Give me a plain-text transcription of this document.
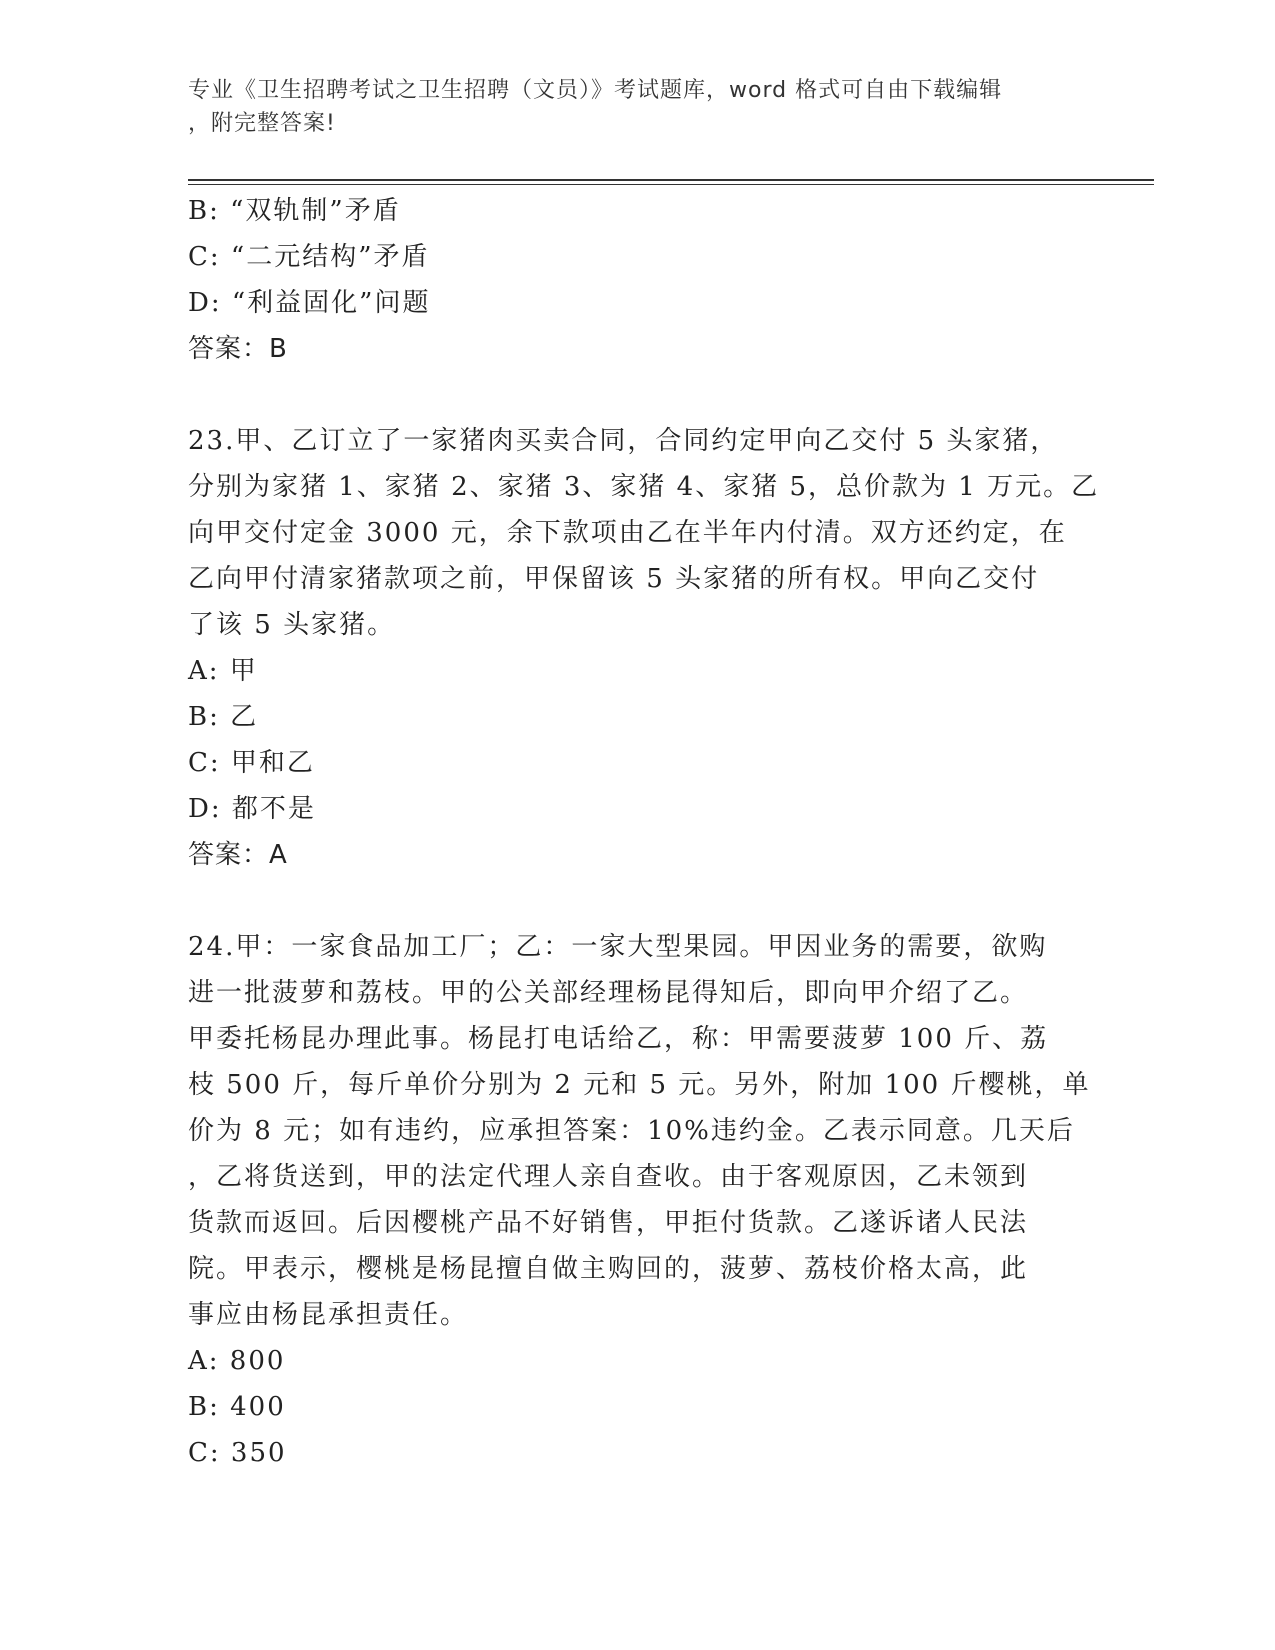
专业《卫生招聘考试之卫生招聘（文员）》考试题库，word 格式可自由下载编辑
，附完整答案!
B: “双轨制”矛盾
C: “二元结构”矛盾
D: “利益固化”问题
答案：B
23.甲、乙订立了一家猪肉买卖合同，合同约定甲向乙交付 5 头家猪，
分别为家猪 1、家猪 2、家猪 3、家猪 4、家猪 5，总价款为 1 万元。乙
向甲交付定金 3000 元，余下款项由乙在半年内付清。双方还约定，在
乙向甲付清家猪款项之前，甲保留该 5 头家猪的所有权。甲向乙交付
了该 5 头家猪。
A: 甲
B: 乙
C: 甲和乙
D: 都不是
答案：A
24.甲：一家食品加工厂；乙：一家大型果园。甲因业务的需要，欲购
进一批菠萝和荔枝。甲的公关部经理杨昆得知后，即向甲介绍了乙。
甲委托杨昆办理此事。杨昆打电话给乙，称：甲需要菠萝 100 斤、荔
枝 500 斤，每斤单价分别为 2 元和 5 元。另外，附加 100 斤樱桃，单
价为 8 元；如有违约，应承担答案：10%违约金。乙表示同意。几天后
，乙将货送到，甲的法定代理人亲自查收。由于客观原因，乙未领到
货款而返回。后因樱桃产品不好销售，甲拒付货款。乙遂诉诸人民法
院。甲表示，樱桃是杨昆擅自做主购回的，菠萝、荔枝价格太高，此
事应由杨昆承担责任。
A: 800
B: 400
C: 350
